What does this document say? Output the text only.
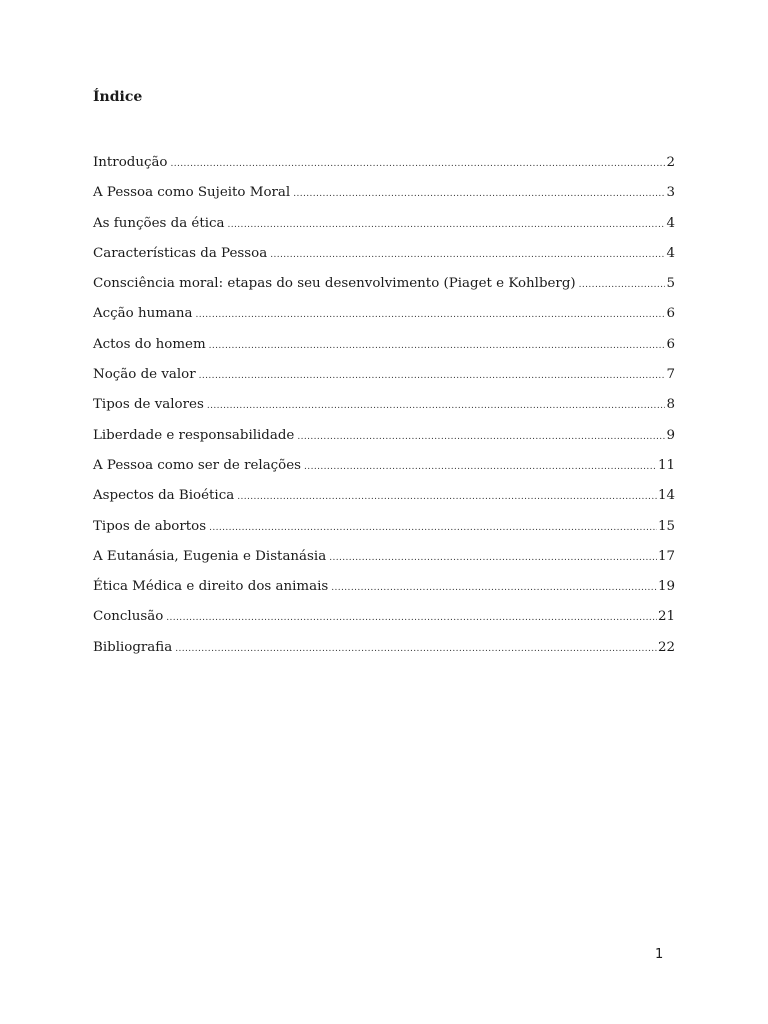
Índice
Introdução .....	2
A Pessoa como Sujeito Moral .....	3
As funções da ética .....	4
Características da Pessoa .....	4
Consciência moral: etapas do seu desenvolvimento (Piaget e Kohlberg) .....	5
Acção humana .....	6
Actos do homem .....	6
Noção de valor .....	7
Tipos de valores .....	8
Liberdade e responsabilidade .....	9
A Pessoa como ser de relações .....	11
Aspectos da Bioética .....	14
Tipos de abortos .....	15
A Eutanásia, Eugenia e Distanásia .....	17
Ética Médica e direito dos animais .....	19
Conclusão .....	21
Bibliografia .....	22
1
